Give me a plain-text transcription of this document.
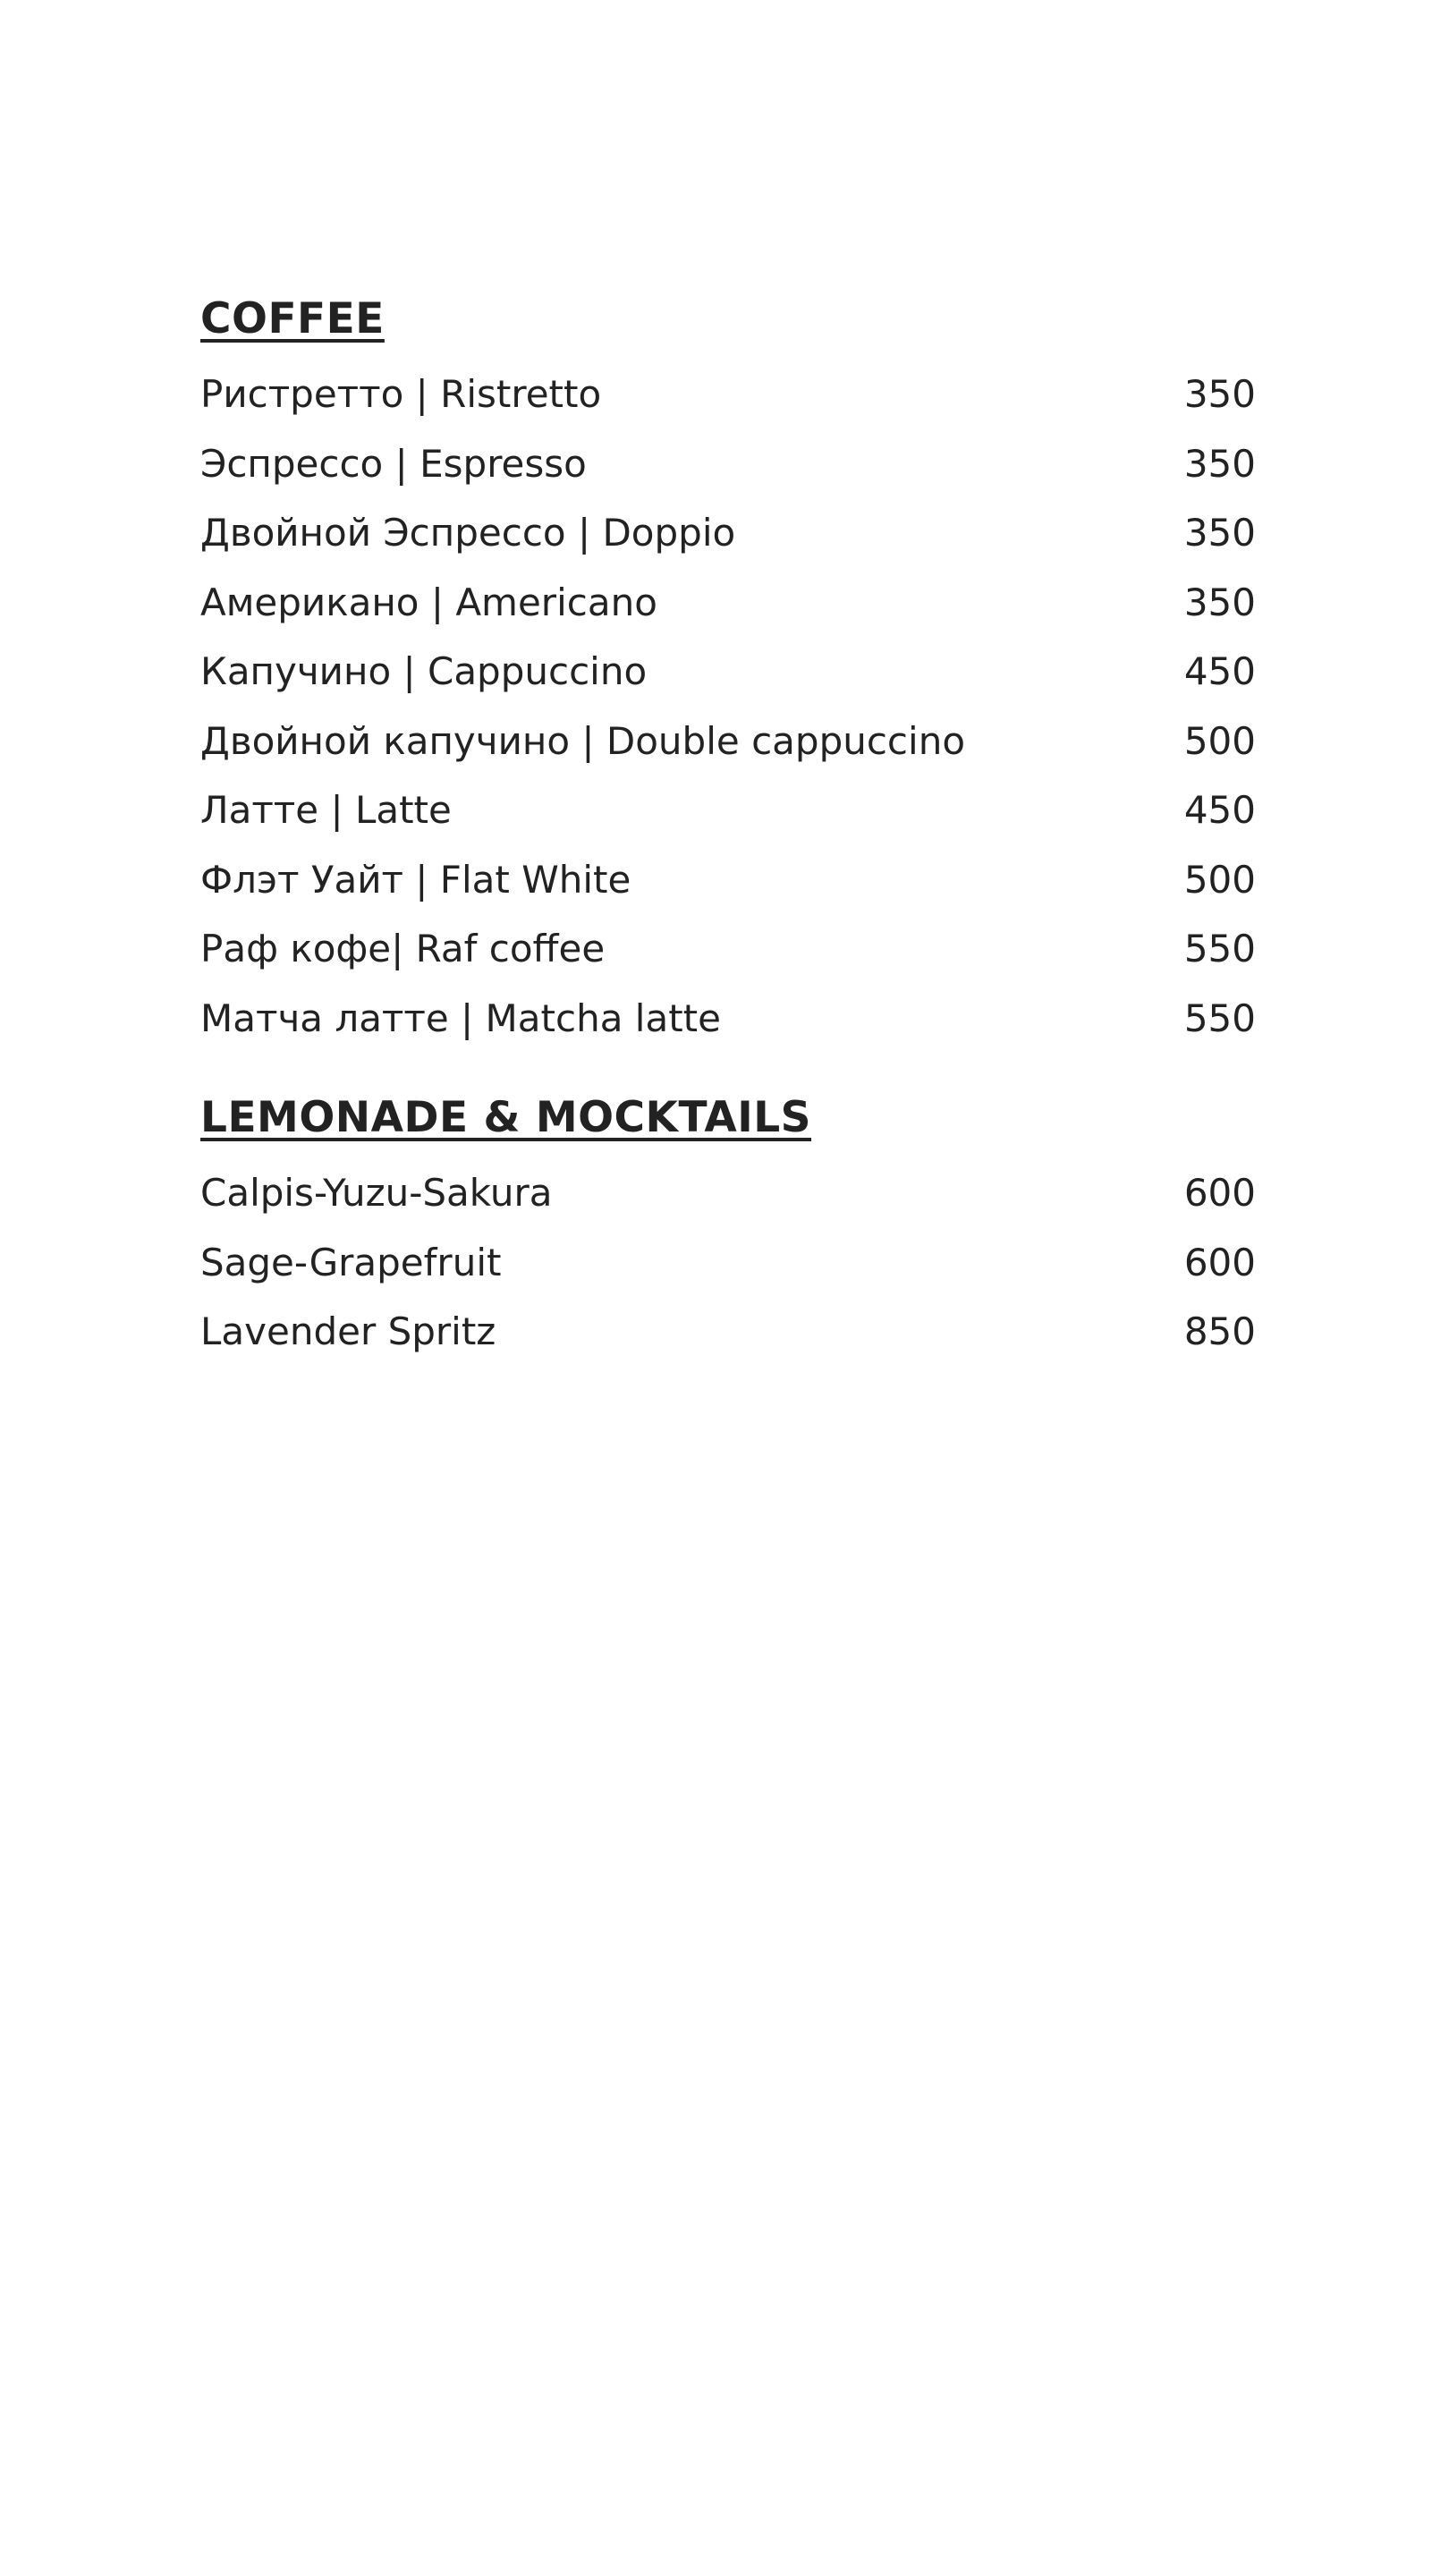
COFFEE
Ристретто | Ristretto	350
Эспрессо | Espresso	350
Двойной Эспрессо | Doppio	350
Американо | Americano	350
Капучино | Cappuccino	450
Двойной капучино | Double cappuccino	500
Латте | Latte	450
Флэт Уайт | Flat White	500
Раф кофе| Raf coffee	550
Матча латте | Matcha latte	550
LEMONADE & MOCKTAILS
Calpis-Yuzu-Sakura	600
Sage-Grapefruit	600
Lavender Spritz	850
